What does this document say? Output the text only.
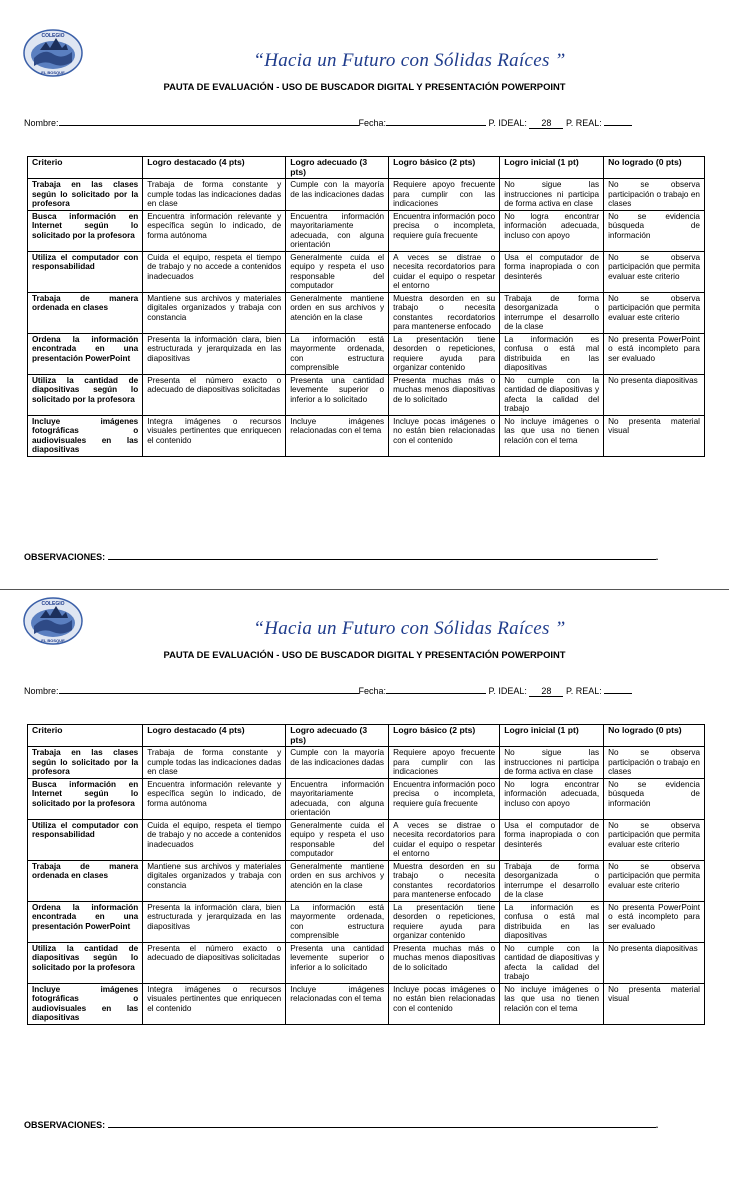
COLEGIO
EL BOSQUE
“Hacia un Futuro con Sólidas Raíces ”
PAUTA DE EVALUACIÓN - USO DE BUSCADOR DIGITAL Y PRESENTACIÓN POWERPOINT
Nombre:	Fecha:	P. IDEAL: 28 P. REAL:
Criterio	Logro destacado (4 pts)	Logro adecuado (3 pts)	Logro básico (2 pts)	Logro inicial (1 pt)	No logrado (0 pts)
Trabaja en las clases según lo solicitado por la profesora	Trabaja de forma constante y cumple todas las indicaciones dadas en clase	Cumple con la mayoría de las indicaciones dadas	Requiere apoyo frecuente para cumplir con las indicaciones	No sigue las instrucciones ni participa de forma activa en clase	No se observa participación o trabajo en clases
Busca información en Internet según lo solicitado por la profesora	Encuentra información relevante y específica según lo indicado, de forma autónoma	Encuentra información mayoritariamente adecuada, con alguna orientación	Encuentra información poco precisa o incompleta, requiere guía frecuente	No logra encontrar información adecuada, incluso con apoyo	No se evidencia búsqueda de información
Utiliza el computador con responsabilidad	Cuida el equipo, respeta el tiempo de trabajo y no accede a contenidos inadecuados	Generalmente cuida el equipo y respeta el uso responsable del computador	A veces se distrae o necesita recordatorios para cuidar el equipo o respetar el entorno	Usa el computador de forma inapropiada o con desinterés	No se observa participación que permita evaluar este criterio
Trabaja de manera ordenada en clases	Mantiene sus archivos y materiales digitales organizados y trabaja con constancia	Generalmente mantiene orden en sus archivos y atención en la clase	Muestra desorden en su trabajo o necesita constantes recordatorios para mantenerse enfocado	Trabaja de forma desorganizada o interrumpe el desarrollo de la clase	No se observa participación que permita evaluar este criterio
Ordena la información encontrada en una presentación PowerPoint	Presenta la información clara, bien estructurada y jerarquizada en las diapositivas	La información está mayormente ordenada, con estructura comprensible	La presentación tiene desorden o repeticiones, requiere ayuda para organizar contenido	La información es confusa o está mal distribuida en las diapositivas	No presenta PowerPoint o está incompleto para ser evaluado
Utiliza la cantidad de diapositivas según lo solicitado por la profesora	Presenta el número exacto o adecuado de diapositivas solicitadas	Presenta una cantidad levemente superior o inferior a lo solicitado	Presenta muchas más o muchas menos diapositivas de lo solicitado	No cumple con la cantidad de diapositivas y afecta la calidad del trabajo	No presenta diapositivas
Incluye imágenes fotográficas o audiovisuales en las diapositivas	Integra imágenes o recursos visuales pertinentes que enriquecen el contenido	Incluye imágenes relacionadas con el tema	Incluye pocas imágenes o no están bien relacionadas con el contenido	No incluye imágenes o las que usa no tienen relación con el tema	No presenta material visual
OBSERVACIONES:	.
COLEGIO
EL BOSQUE
“Hacia un Futuro con Sólidas Raíces ”
PAUTA DE EVALUACIÓN - USO DE BUSCADOR DIGITAL Y PRESENTACIÓN POWERPOINT
Nombre:	Fecha:	P. IDEAL: 28 P. REAL:
Criterio	Logro destacado (4 pts)	Logro adecuado (3 pts)	Logro básico (2 pts)	Logro inicial (1 pt)	No logrado (0 pts)
Trabaja en las clases según lo solicitado por la profesora	Trabaja de forma constante y cumple todas las indicaciones dadas en clase	Cumple con la mayoría de las indicaciones dadas	Requiere apoyo frecuente para cumplir con las indicaciones	No sigue las instrucciones ni participa de forma activa en clase	No se observa participación o trabajo en clases
Busca información en Internet según lo solicitado por la profesora	Encuentra información relevante y específica según lo indicado, de forma autónoma	Encuentra información mayoritariamente adecuada, con alguna orientación	Encuentra información poco precisa o incompleta, requiere guía frecuente	No logra encontrar información adecuada, incluso con apoyo	No se evidencia búsqueda de información
Utiliza el computador con responsabilidad	Cuida el equipo, respeta el tiempo de trabajo y no accede a contenidos inadecuados	Generalmente cuida el equipo y respeta el uso responsable del computador	A veces se distrae o necesita recordatorios para cuidar el equipo o respetar el entorno	Usa el computador de forma inapropiada o con desinterés	No se observa participación que permita evaluar este criterio
Trabaja de manera ordenada en clases	Mantiene sus archivos y materiales digitales organizados y trabaja con constancia	Generalmente mantiene orden en sus archivos y atención en la clase	Muestra desorden en su trabajo o necesita constantes recordatorios para mantenerse enfocado	Trabaja de forma desorganizada o interrumpe el desarrollo de la clase	No se observa participación que permita evaluar este criterio
Ordena la información encontrada en una presentación PowerPoint	Presenta la información clara, bien estructurada y jerarquizada en las diapositivas	La información está mayormente ordenada, con estructura comprensible	La presentación tiene desorden o repeticiones, requiere ayuda para organizar contenido	La información es confusa o está mal distribuida en las diapositivas	No presenta PowerPoint o está incompleto para ser evaluado
Utiliza la cantidad de diapositivas según lo solicitado por la profesora	Presenta el número exacto o adecuado de diapositivas solicitadas	Presenta una cantidad levemente superior o inferior a lo solicitado	Presenta muchas más o muchas menos diapositivas de lo solicitado	No cumple con la cantidad de diapositivas y afecta la calidad del trabajo	No presenta diapositivas
Incluye imágenes fotográficas o audiovisuales en las diapositivas	Integra imágenes o recursos visuales pertinentes que enriquecen el contenido	Incluye imágenes relacionadas con el tema	Incluye pocas imágenes o no están bien relacionadas con el contenido	No incluye imágenes o las que usa no tienen relación con el tema	No presenta material visual
OBSERVACIONES:	.
